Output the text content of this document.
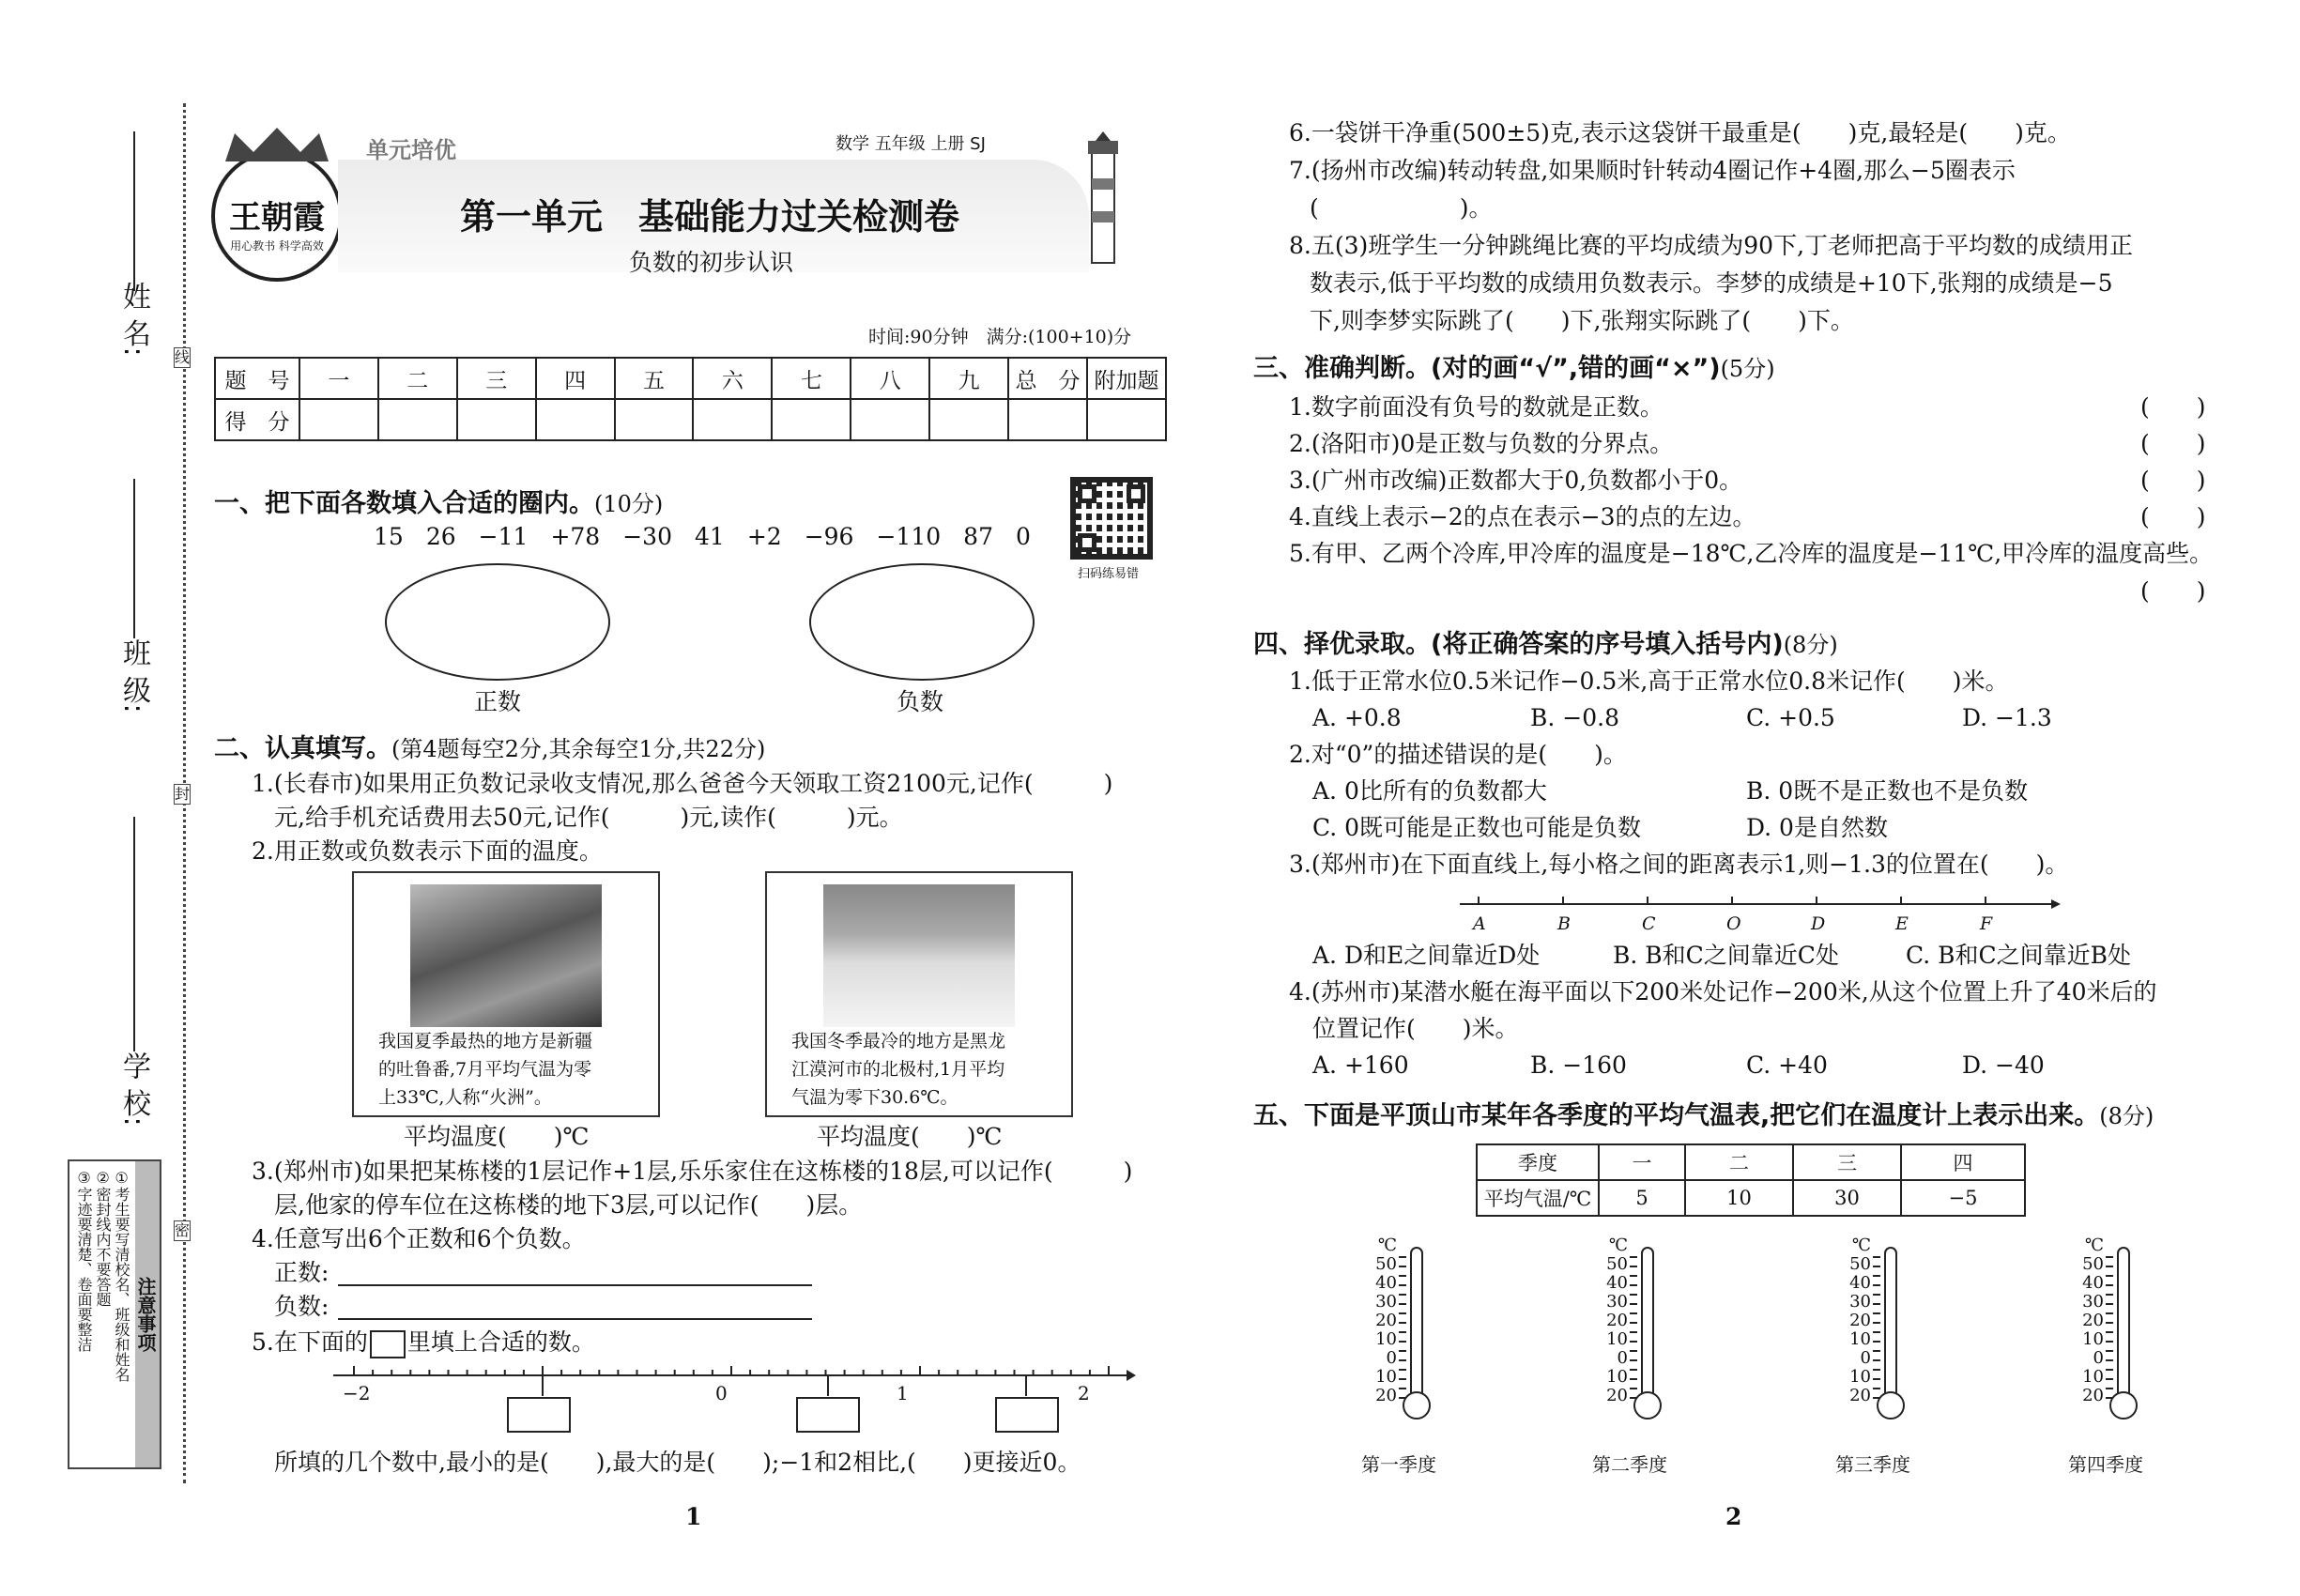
姓 名:
班 级:
学 校:
线
封
密
注意事项
①考生要写清校名、班级和姓名
②密封线内不要答题
③字迹要清楚、卷面要整洁
王朝霞
用心教书 科学高效
单元培优	数学 五年级 上册 SJ
第一单元　基础能力过关检测卷
负数的初步认识
时间:90分钟　满分:(100+10)分
题　号	一	二	三	四	五	六	七	八	九	总　分	附加题
得　分											
扫码练易错
一、把下面各数填入合适的圈内。(10分)
15 26 −11 +78 −30 41 +2 −96 −110 87 0
正数	负数
二、认真填写。(第4题每空2分,其余每空1分,共22分)
1.(长春市)如果用正负数记录收支情况,那么爸爸今天领取工资2100元,记作(　　　)
元,给手机充话费用去50元,记作(　　　)元,读作(　　　)元。
2.用正数或负数表示下面的温度。
我国夏季最热的地方是新疆
的吐鲁番,7月平均气温为零
上33℃,人称“火洲”。
我国冬季最冷的地方是黑龙
江漠河市的北极村,1月平均
气温为零下30.6℃。
平均温度(　　)℃	平均温度(　　)℃
3.(郑州市)如果把某栋楼的1层记作+1层,乐乐家住在这栋楼的18层,可以记作(　　　)
层,他家的停车位在这栋楼的地下3层,可以记作(　　)层。
4.任意写出6个正数和6个负数。
正数:
负数:
5.在下面的 里填上合适的数。
−2	0	1	2
所填的几个数中,最小的是(　　),最大的是(　　);−1和2相比,(　　)更接近0。
1	2
6.一袋饼干净重(500±5)克,表示这袋饼干最重是(　　)克,最轻是(　　)克。
7.(扬州市改编)转动转盘,如果顺时针转动4圈记作+4圈,那么−5圈表示
(　　　　　　)。
8.五(3)班学生一分钟跳绳比赛的平均成绩为90下,丁老师把高于平均数的成绩用正
数表示,低于平均数的成绩用负数表示。李梦的成绩是+10下,张翔的成绩是−5
下,则李梦实际跳了(　　)下,张翔实际跳了(　　)下。
三、准确判断。(对的画“√”,错的画“×”)(5分)
1.数字前面没有负号的数就是正数。	(　　)
2.(洛阳市)0是正数与负数的分界点。	(　　)
3.(广州市改编)正数都大于0,负数都小于0。	(　　)
4.直线上表示−2的点在表示−3的点的左边。	(　　)
5.有甲、乙两个冷库,甲冷库的温度是−18℃,乙冷库的温度是−11℃,甲冷库的温度高些。
(　　)
四、择优录取。(将正确答案的序号填入括号内)(8分)
1.低于正常水位0.5米记作−0.5米,高于正常水位0.8米记作(　　)米。
A. +0.8	B. −0.8	C. +0.5	D. −1.3
2.对“0”的描述错误的是(　　)。
A. 0比所有的负数都大	B. 0既不是正数也不是负数
C. 0既可能是正数也可能是负数	D. 0是自然数
3.(郑州市)在下面直线上,每小格之间的距离表示1,则−1.3的位置在(　　)。
A	B	C	O	D	E	F
A. D和E之间靠近D处	B. B和C之间靠近C处	C. B和C之间靠近B处
4.(苏州市)某潜水艇在海平面以下200米处记作−200米,从这个位置上升了40米后的
位置记作(　　)米。
A. +160	B. −160	C. +40	D. −40
五、下面是平顶山市某年各季度的平均气温表,把它们在温度计上表示出来。(8分)
季度	一	二	三	四
平均气温/℃	5	10	30	−5
℃
50
40
30
20
10
0
10
20
℃
50
40
30
20
10
0
10
20
℃
50
40
30
20
10
0
10
20
℃
50
40
30
20
10
0
10
20
第一季度	第二季度	第三季度	第四季度
